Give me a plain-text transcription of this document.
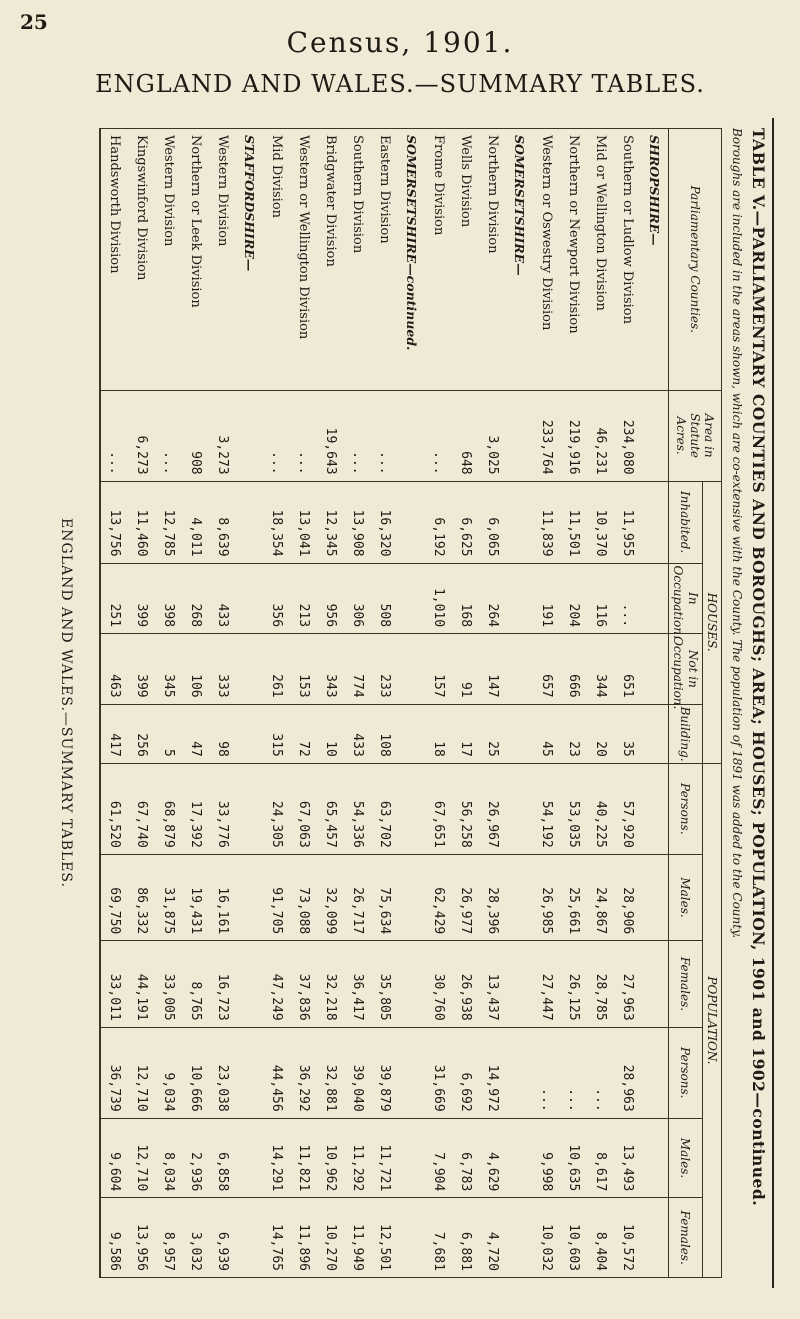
25
Census, 1901.
ENGLAND AND WALES.—SUMMARY TABLES.
TABLE V.—PARLIAMENTARY COUNTIES AND BOROUGHS; AREA; HOUSES; POPULATION, 1901 and 1902—continued.
Boroughs are included in the areas shown, which are co-extensive with the County. The population of 1891 was added to the County.
Parliamentary Counties.	Area in Statute Acres.	HOUSES.				POPULATION.					
		Inhabited.	In Occupation.	Not in Occupation.	Building.	Persons.	Males.	Females.	Persons.	Males.	Females.
SHROPSHIRE—											
Southern or Ludlow Division	234,080	11,955	...	651	35	57,920	28,906	27,963	28,963	13,493	10,572
Mid or Wellington Division	46,231	10,370	116	344	20	40,225	24,867	28,785	...	8,617	8,404
Northern or Newport Division	219,916	11,501	204	666	23	53,035	25,661	26,125	...	10,635	10,603
Western or Oswestry Division	233,764	11,839	191	657	45	54,192	26,985	27,447	...	9,998	10,032
SOMERSETSHIRE—											
Northern Division	3,025	6,065	264	147	25	26,967	28,396	13,437	14,972	4,629	4,720
Wells Division	648	6,625	168	91	17	56,258	26,977	26,938	6,692	6,783	6,881
Frome Division	...	6,192	1,010	157	18	67,651	62,429	30,760	31,669	7,904	7,681
SOMERSETSHIRE—continued.											
Eastern Division	...	16,320	508	233	108	63,702	75,634	35,805	39,879	11,721	12,501
Southern Division	...	13,908	306	774	433	54,336	26,717	36,417	39,040	11,292	11,949
Bridgwater Division	19,643	12,345	956	343	10	65,457	32,099	32,218	32,881	10,962	10,270
Western or Wellington Division	...	13,041	213	153	72	67,063	73,088	37,836	36,292	11,821	11,896
Mid Division	...	18,354	356	261	315	24,305	91,705	47,249	44,456	14,291	14,765
STAFFORDSHIRE—											
Western Division	3,273	8,639	433	333	98	33,776	16,161	16,723	23,038	6,858	6,939
Northern or Leek Division	908	4,011	268	106	47	17,392	19,431	8,765	10,666	2,936	3,032
Western Division	...	12,785	398	345	5	68,879	31,875	33,005	9,034	8,034	8,957
Kingswinford Division	6,273	11,460	399	399	256	67,740	86,332	44,191	12,710	12,710	13,956
Handsworth Division	...	13,756	251	463	417	61,520	69,750	33,011	36,739	9,604	9,586
ENGLAND AND WALES.—SUMMARY TABLES.
